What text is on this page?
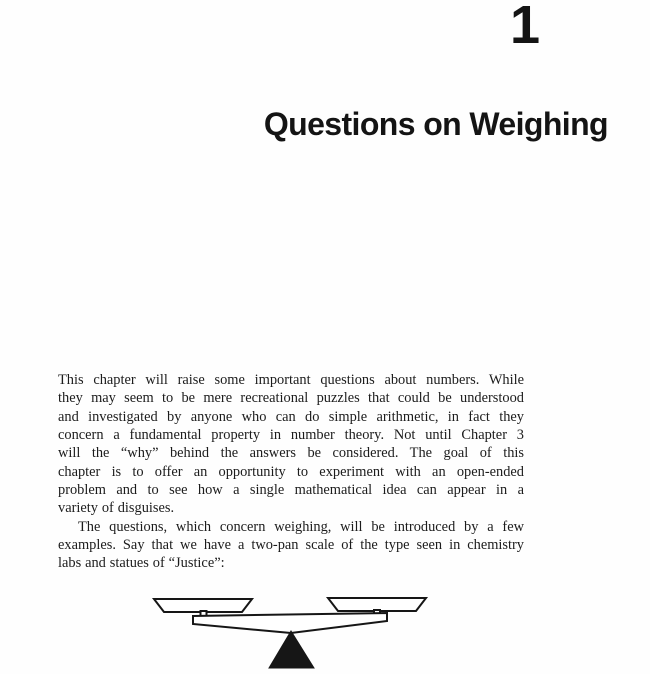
1
Questions on Weighing
This chapter will raise some important questions about numbers. While
they may seem to be mere recreational puzzles that could be understood
and investigated by anyone who can do simple arithmetic, in fact they
concern a fundamental property in number theory. Not until Chapter 3
will the “why” behind the answers be considered. The goal of this
chapter is to offer an opportunity to experiment with an open-ended
problem and to see how a single mathematical idea can appear in a
variety of disguises.
The questions, which concern weighing, will be introduced by a few
examples. Say that we have a two-pan scale of the type seen in chemistry
labs and statues of “Justice”:
